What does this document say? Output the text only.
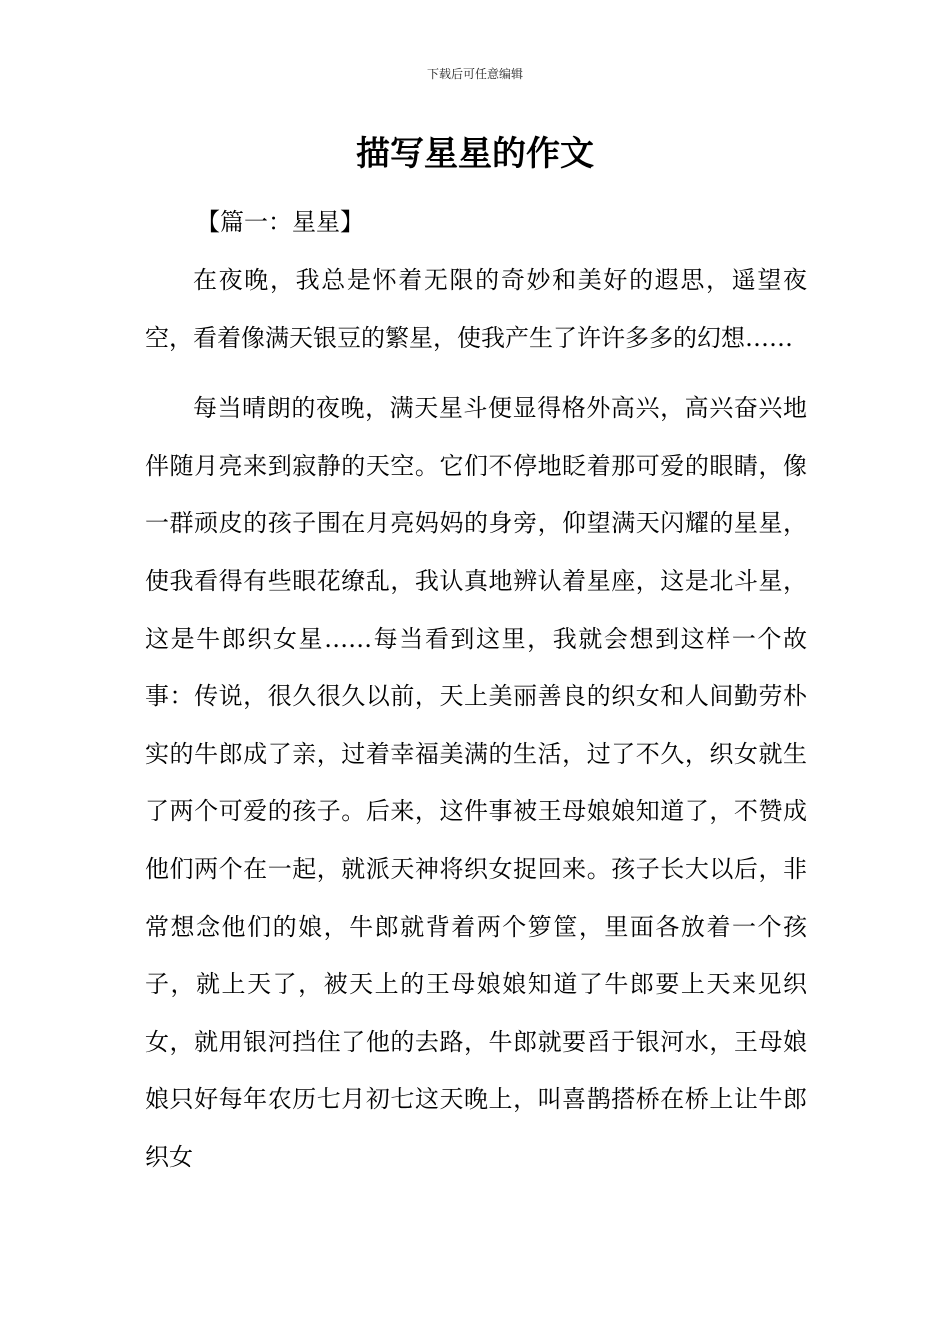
下载后可任意编辑
描写星星的作文
【篇一：星星】

在夜晚，我总是怀着无限的奇妙和美好的遐思，遥望夜空，看着像满天银豆的繁星，使我产生了许许多多的幻想……

每当晴朗的夜晚，满天星斗便显得格外高兴，高兴奋兴地伴随月亮来到寂静的天空。它们不停地眨着那可爱的眼睛，像一群顽皮的孩子围在月亮妈妈的身旁，仰望满天闪耀的星星，使我看得有些眼花缭乱，我认真地辨认着星座，这是北斗星，这是牛郎织女星……每当看到这里，我就会想到这样一个故事：传说，很久很久以前，天上美丽善良的织女和人间勤劳朴实的牛郎成了亲，过着幸福美满的生活，过了不久，织女就生了两个可爱的孩子。后来，这件事被王母娘娘知道了，不赞成他们两个在一起，就派天神将织女捉回来。孩子长大以后，非常想念他们的娘，牛郎就背着两个箩筐，里面各放着一个孩子，就上天了，被天上的王母娘娘知道了牛郎要上天来见织女，就用银河挡住了他的去路，牛郎就要舀于银河水，王母娘娘只好每年农历七月初七这天晚上，叫喜鹊搭桥在桥上让牛郎织女
